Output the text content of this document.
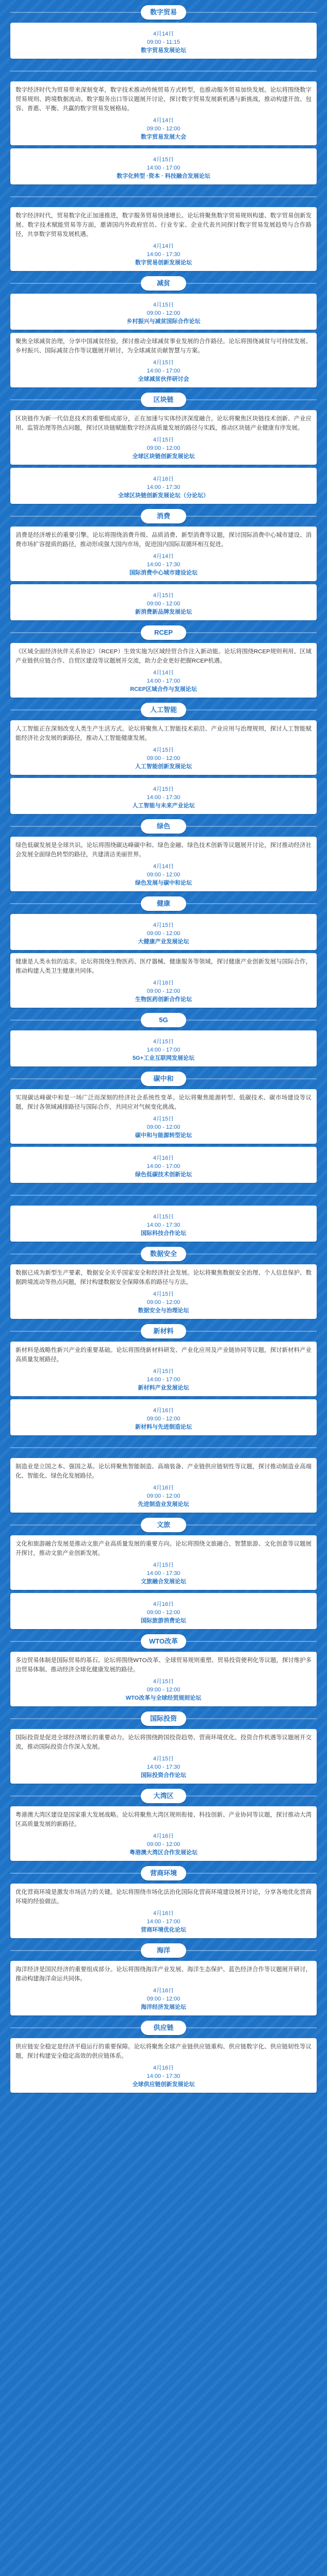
数字贸易
4月14日
09:00 - 11:15
数字贸易发展论坛
数字经济时代为贸易带来深刻变革，数字技术推动传统贸易方式转型，也推动服务贸易加快发展。论坛将围绕数字贸易规则、跨境数据流动、数字服务出口等议题展开讨论，探讨数字贸易发展新机遇与新挑战，推动构建开放、包容、普惠、平衡、共赢的数字贸易发展格局。
4月14日
09:00 - 12:00
数字贸易发展大会
4月15日
14:00 - 17:00
数字化转型 ·资本 · 科技融合发展论坛
数字经济时代，贸易数字化正加速推进，数字服务贸易快速增长。论坛将聚焦数字贸易规则构建、数字贸易创新发展、数字技术赋能贸易等方面，邀请国内外政府官员、行业专家、企业代表共同探讨数字贸易发展趋势与合作路径，共享数字贸易发展机遇。
4月14日
14:00 - 17:30
数字贸易创新发展论坛
减贫
4月15日
09:00 - 12:00
乡村振兴与减贫国际合作论坛
聚焦全球减贫治理，分享中国减贫经验，探讨推动全球减贫事业发展的合作路径。论坛将围绕减贫与可持续发展、乡村振兴、国际减贫合作等议题展开研讨，为全球减贫贡献智慧与方案。
4月15日
14:00 - 17:00
全球减贫伙伴研讨会
区块链
区块链作为新一代信息技术的重要组成部分，正在加速与实体经济深度融合。论坛将聚焦区块链技术创新、产业应用、监管治理等热点问题，探讨区块链赋能数字经济高质量发展的路径与实践，推动区块链产业健康有序发展。
4月15日
09:00 - 12:00
全球区块链创新发展论坛
4月16日
14:00 - 17:30
全球区块链创新发展论坛（分论坛）
消费
消费是经济增长的重要引擎。论坛将围绕消费升级、品质消费、新型消费等议题，探讨国际消费中心城市建设、消费市场扩容提质的路径，推动形成强大国内市场，促进国内国际双循环相互促进。
4月14日
14:00 - 17:30
国际消费中心城市建设论坛
4月15日
09:00 - 12:00
新消费新品牌发展论坛
RCEP
《区域全面经济伙伴关系协定》（RCEP）生效实施为区域经贸合作注入新动能。论坛将围绕RCEP规则利用、区域产业链供应链合作、自贸区建设等议题展开交流，助力企业更好把握RCEP机遇。
4月14日
14:00 - 17:00
RCEP区域合作与发展论坛
人工智能
人工智能正在深刻改变人类生产生活方式。论坛将聚焦人工智能技术前沿、产业应用与治理规则，探讨人工智能赋能经济社会发展的新路径，推动人工智能健康发展。
4月15日
09:00 - 12:00
人工智能创新发展论坛
4月15日
14:00 - 17:30
人工智能与未来产业论坛
绿色
绿色低碳发展是全球共识。论坛将围绕碳达峰碳中和、绿色金融、绿色技术创新等议题展开讨论，探讨推动经济社会发展全面绿色转型的路径，共建清洁美丽世界。
4月14日
09:00 - 12:00
绿色发展与碳中和论坛
健康
4月15日
09:00 - 12:00
大健康产业发展论坛
健康是人类永恒的追求。论坛将围绕生物医药、医疗器械、健康服务等领域，探讨健康产业创新发展与国际合作，推动构建人类卫生健康共同体。
4月16日
09:00 - 12:00
生物医药创新合作论坛
5G
4月15日
14:00 - 17:00
5G+工业互联网发展论坛
碳中和
实现碳达峰碳中和是一场广泛而深刻的经济社会系统性变革。论坛将聚焦能源转型、低碳技术、碳市场建设等议题，探讨各领域减排路径与国际合作，共同应对气候变化挑战。
4月15日
09:00 - 12:00
碳中和与能源转型论坛
4月16日
14:00 - 17:00
绿色低碳技术创新论坛
4月15日
14:00 - 17:30
国际科技合作论坛
数据安全
数据已成为新型生产要素，数据安全关乎国家安全和经济社会发展。论坛将聚焦数据安全治理、个人信息保护、数据跨境流动等热点问题，探讨构建数据安全保障体系的路径与方法。
4月15日
09:00 - 12:00
数据安全与治理论坛
新材料
新材料是战略性新兴产业的重要基础。论坛将围绕新材料研发、产业化应用及产业链协同等议题，探讨新材料产业高质量发展路径。
4月15日
14:00 - 17:00
新材料产业发展论坛
4月16日
09:00 - 12:00
新材料与先进制造论坛
制造业是立国之本、强国之基。论坛将聚焦智能制造、高端装备、产业链供应链韧性等议题，探讨推动制造业高端化、智能化、绿色化发展路径。
4月16日
09:00 - 12:00
先进制造业发展论坛
文旅
文化和旅游融合发展是推动文旅产业高质量发展的重要方向。论坛将围绕文旅融合、智慧旅游、文化创意等议题展开探讨，推动文旅产业创新发展。
4月15日
14:00 - 17:30
文旅融合发展论坛
4月16日
09:00 - 12:00
国际旅游消费论坛
WTO改革
多边贸易体制是国际贸易的基石。论坛将围绕WTO改革、全球贸易规则重塑、贸易投资便利化等议题，探讨维护多边贸易体制、推动经济全球化健康发展的路径。
4月15日
09:00 - 12:00
WTO改革与全球经贸规则论坛
国际投资
国际投资是促进全球经济增长的重要动力。论坛将围绕跨国投资趋势、营商环境优化、投资合作机遇等议题展开交流，推动国际投资合作深入发展。
4月15日
14:00 - 17:30
国际投资合作论坛
大湾区
粤港澳大湾区建设是国家重大发展战略。论坛将聚焦大湾区规则衔接、科技创新、产业协同等议题，探讨推动大湾区高质量发展的新路径。
4月16日
09:00 - 12:00
粤港澳大湾区合作发展论坛
营商环境
优化营商环境是激发市场活力的关键。论坛将围绕市场化法治化国际化营商环境建设展开讨论，分享各地优化营商环境的经验做法。
4月16日
14:00 - 17:00
营商环境优化论坛
海洋
海洋经济是国民经济的重要组成部分。论坛将围绕海洋产业发展、海洋生态保护、蓝色经济合作等议题展开研讨，推动构建海洋命运共同体。
4月16日
09:00 - 12:00
海洋经济发展论坛
供应链
供应链安全稳定是经济平稳运行的重要保障。论坛将聚焦全球产业链供应链重构、供应链数字化、供应链韧性等议题，探讨构建安全稳定高效的供应链体系。
4月16日
14:00 - 17:30
全球供应链创新发展论坛
